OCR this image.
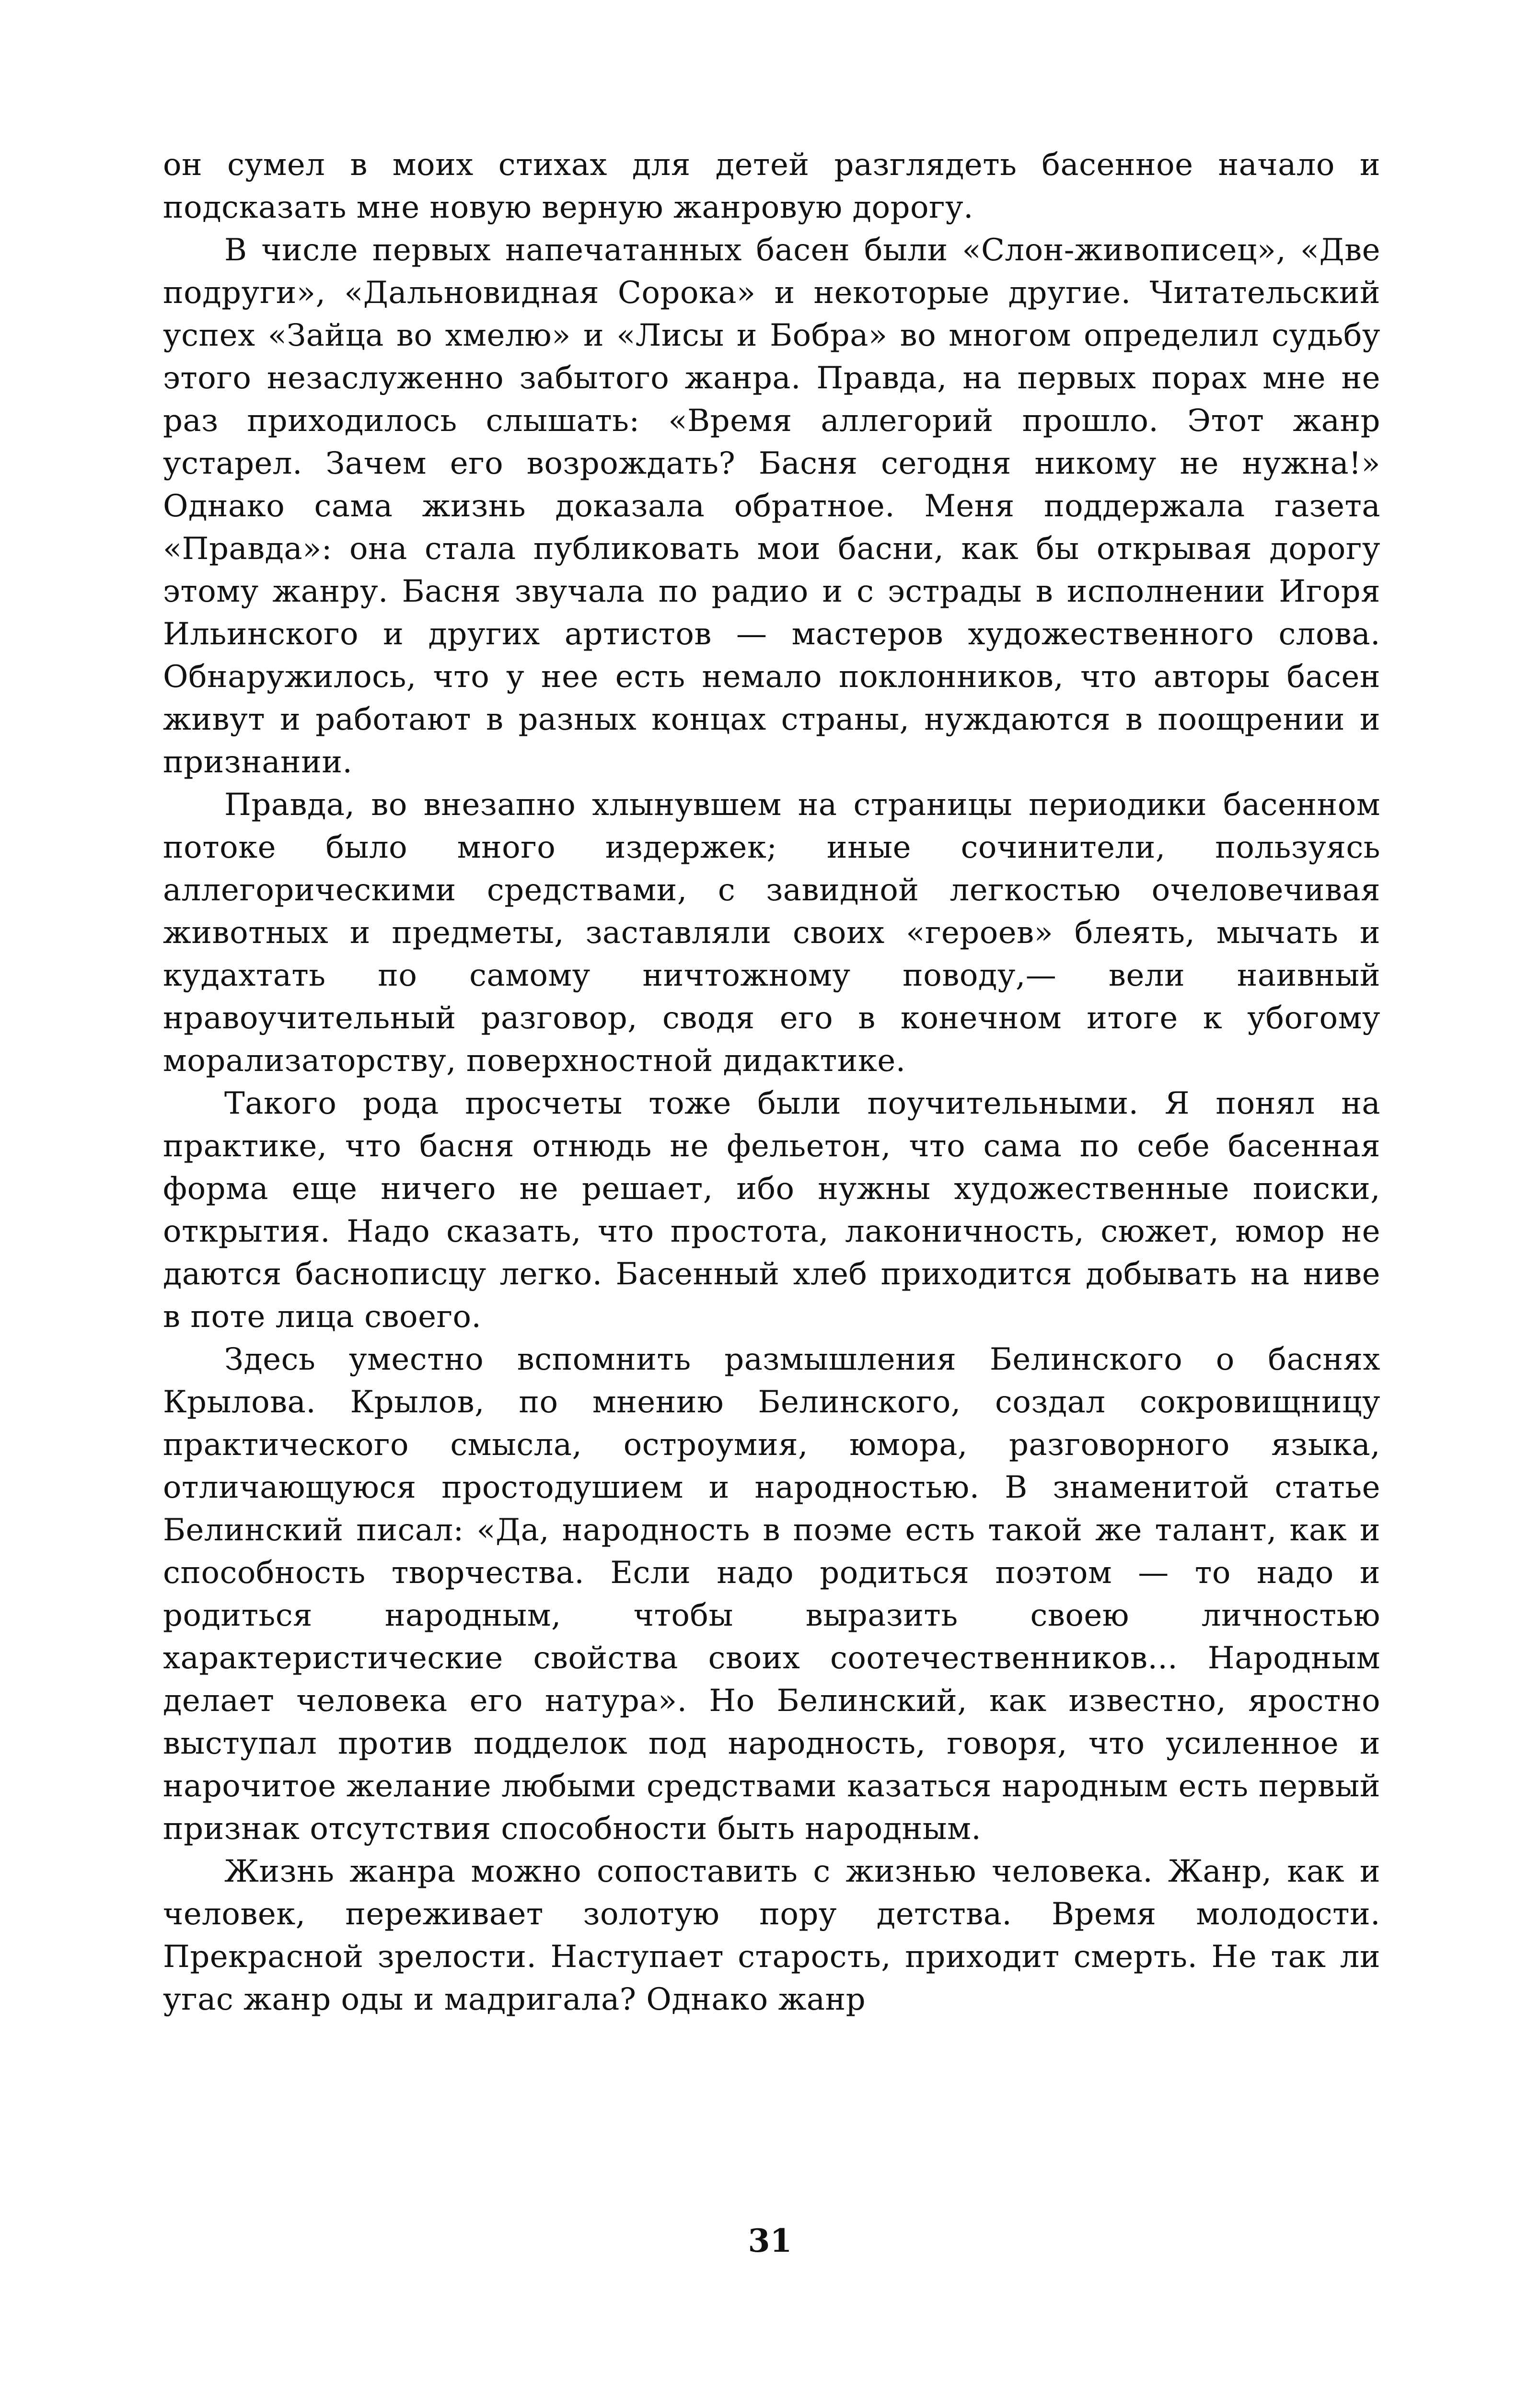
он сумел в моих стихах для детей разглядеть басенное начало и подсказать мне новую верную жанровую дорогу.

В числе первых напечатанных басен были «Слон-живописец», «Две подруги», «Дальновидная Сорока» и некоторые другие. Читательский успех «Зайца во хмелю» и «Лисы и Бобра» во многом определил судьбу этого незаслуженно забытого жанра. Правда, на первых порах мне не раз приходилось слышать: «Время аллегорий прошло. Этот жанр устарел. Зачем его возрождать? Басня сегодня никому не нужна!» Однако сама жизнь доказала обратное. Меня поддержала газета «Правда»: она стала публиковать мои басни, как бы открывая дорогу этому жанру. Басня звучала по радио и с эстрады в исполнении Игоря Ильинского и других артистов — мастеров художественного слова. Обнаружилось, что у нее есть немало поклонников, что авторы басен живут и работают в разных концах страны, нуждаются в поощрении и признании.

Правда, во внезапно хлынувшем на страницы периодики басенном потоке было много издержек; иные сочинители, пользуясь аллегорическими средствами, с завидной легкостью очеловечивая животных и предметы, заставляли своих «героев» блеять, мычать и кудахтать по самому ничтожному поводу,— вели наивный нравоучительный разговор, сводя его в конечном итоге к убогому морализаторству, поверхностной дидактике.

Такого рода просчеты тоже были поучительными. Я понял на практике, что басня отнюдь не фельетон, что сама по себе басенная форма еще ничего не решает, ибо нужны художественные поиски, открытия. Надо сказать, что простота, лаконичность, сюжет, юмор не даются баснописцу легко. Басенный хлеб приходится добывать на ниве в поте лица своего.

Здесь уместно вспомнить размышления Белинского о баснях Крылова. Крылов, по мнению Белинского, создал сокровищницу практического смысла, остроумия, юмора, разговорного языка, отличающуюся простодушием и народностью. В знаменитой статье Белинский писал: «Да, народность в поэме есть такой же талант, как и способность творчества. Если надо родиться поэтом — то надо и родиться народным, чтобы выразить своею личностью характеристические свойства своих соотечественников... Народным делает человека его натура». Но Белинский, как известно, яростно выступал против подделок под народность, говоря, что усиленное и нарочитое желание любыми средствами казаться народным есть первый признак отсутствия способности быть народным.

Жизнь жанра можно сопоставить с жизнью человека. Жанр, как и человек, переживает золотую пору детства. Время молодости. Прекрасной зрелости. Наступает старость, приходит смерть. Не так ли угас жанр оды и мадригала? Однако жанр

31
